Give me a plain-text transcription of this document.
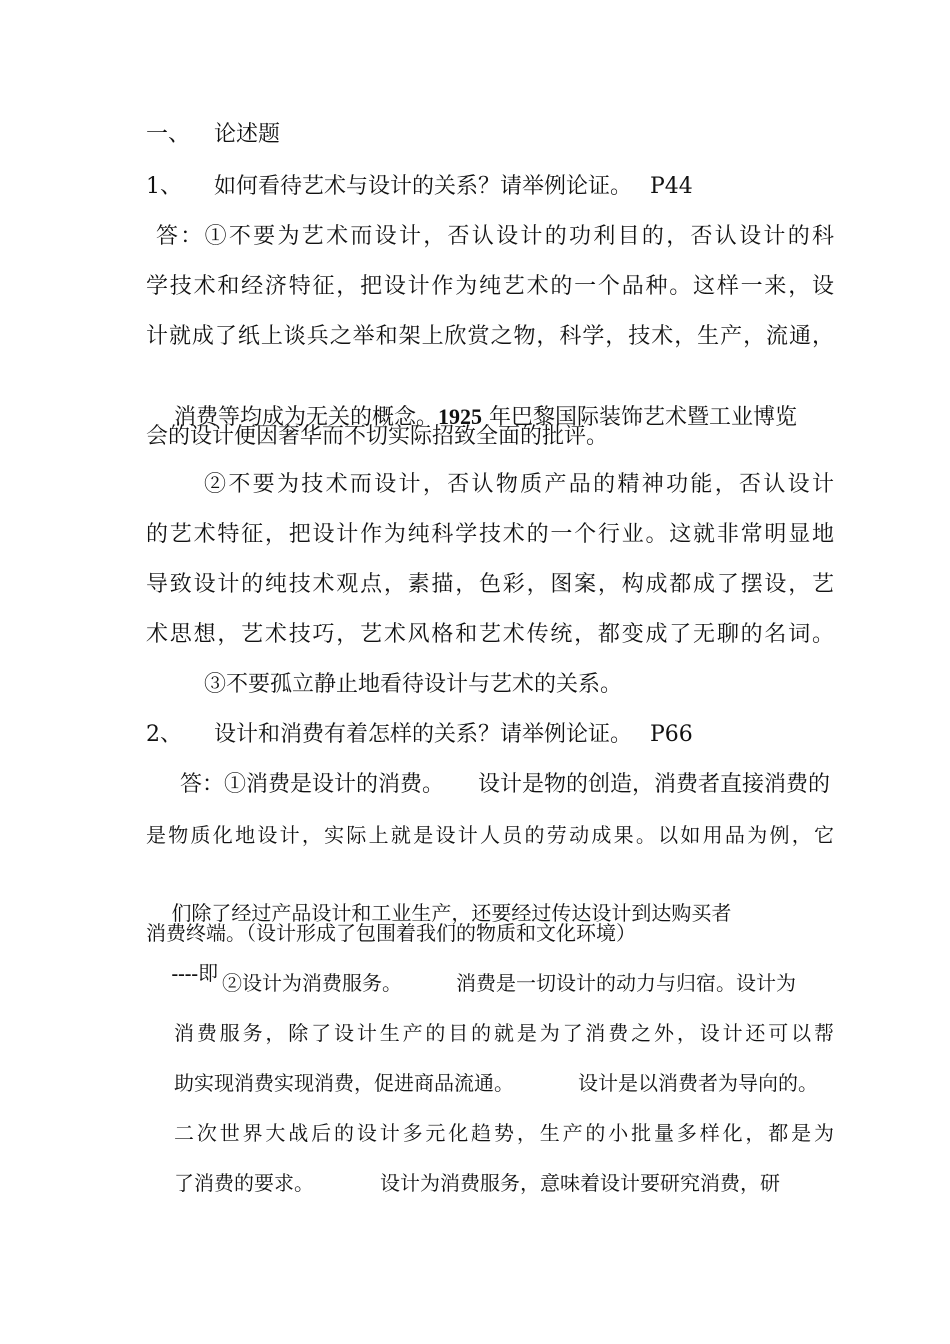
一、 论述题
1、 如何看待艺术与设计的关系？请举例论证。 P44
答：①不要为艺术而设计，否认设计的功利目的，否认设计的科
学技术和经济特征，把设计作为纯艺术的一个品种。这样一来，设
计就成了纸上谈兵之举和架上欣赏之物，科学，技术，生产，流通，

消费等均成为无关的概念。1925 年巴黎国际装饰艺术暨工业博览

会的设计便因奢华而不切实际招致全面的批评。
②不要为技术而设计，否认物质产品的精神功能，否认设计
的艺术特征，把设计作为纯科学技术的一个行业。这就非常明显地
导致设计的纯技术观点，素描，色彩，图案，构成都成了摆设，艺
术思想，艺术技巧，艺术风格和艺术传统，都变成了无聊的名词。
③不要孤立静止地看待设计与艺术的关系。
2、 设计和消费有着怎样的关系？请举例论证。 P66
答：①消费是设计的消费。 设计是物的创造，消费者直接消费的
是物质化地设计，实际上就是设计人员的劳动成果。以如用品为例，它

们除了经过产品设计和工业生产，还要经过传达设计到达购买者

----即

消费终端。（设计形成了包围着我们的物质和文化环境）
②设计为消费服务。	消费是一切设计的动力与归宿。设计为
消费服务，除了设计生产的目的就是为了消费之外，设计还可以帮
助实现消费实现消费，促进商品流通。	设计是以消费者为导向的。
二次世界大战后的设计多元化趋势，生产的小批量多样化，都是为
了消费的要求。	设计为消费服务，意味着设计要研究消费，研
